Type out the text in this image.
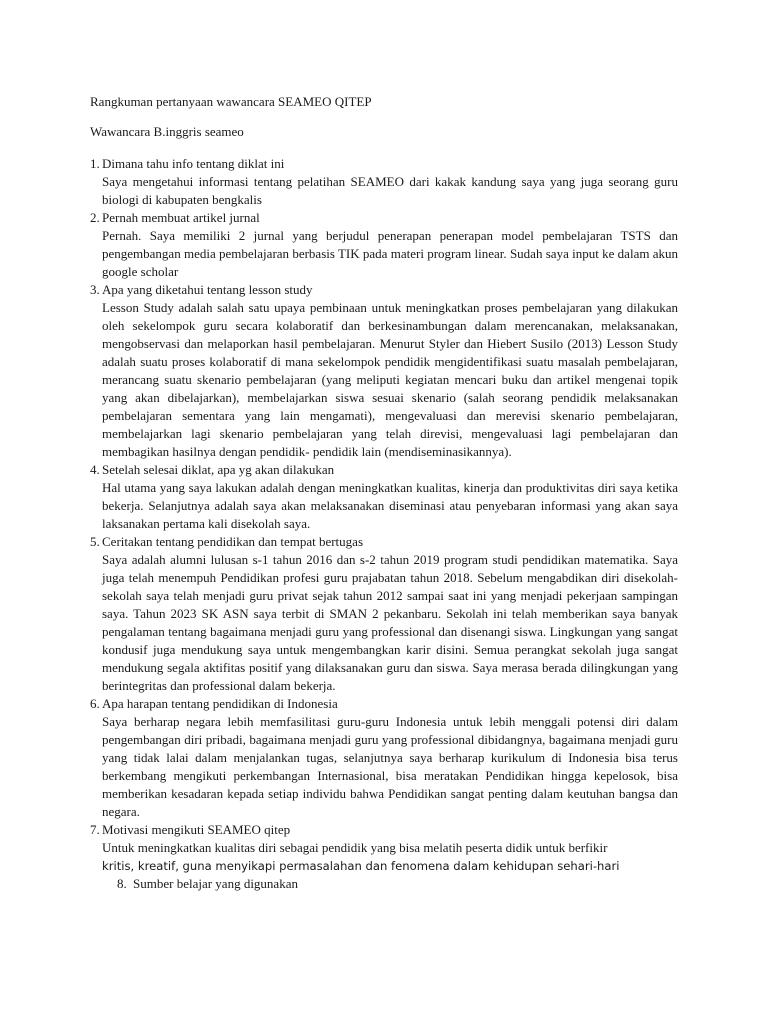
Rangkuman pertanyaan wawancara SEAMEO QITEP

Wawancara B.inggris seameo

1. Dimana tahu info tentang diklat ini

Saya mengetahui informasi tentang pelatihan SEAMEO dari kakak kandung saya yang juga seorang guru biologi di kabupaten bengkalis

2. Pernah membuat artikel jurnal

Pernah. Saya memiliki 2 jurnal yang berjudul penerapan penerapan model pembelajaran TSTS dan pengembangan media pembelajaran berbasis TIK pada materi program linear. Sudah saya input ke dalam akun google scholar

3. Apa yang diketahui tentang lesson study

Lesson Study adalah salah satu upaya pembinaan untuk meningkatkan proses pembelajaran yang dilakukan oleh sekelompok guru secara kolaboratif dan berkesinambungan dalam merencanakan, melaksanakan, mengobservasi dan melaporkan hasil pembelajaran. Menurut Styler dan Hiebert Susilo (2013) Lesson Study adalah suatu proses kolaboratif di mana sekelompok pendidik mengidentifikasi suatu masalah pembelajaran, merancang suatu skenario pembelajaran (yang meliputi kegiatan mencari buku dan artikel mengenai topik yang akan dibelajarkan), membelajarkan siswa sesuai skenario (salah seorang pendidik melaksanakan pembelajaran sementara yang lain mengamati), mengevaluasi dan merevisi skenario pembelajaran, membelajarkan lagi skenario pembelajaran yang telah direvisi, mengevaluasi lagi pembelajaran dan membagikan hasilnya dengan pendidik- pendidik lain (mendiseminasikannya).

4. Setelah selesai diklat, apa yg akan dilakukan

Hal utama yang saya lakukan adalah dengan meningkatkan kualitas, kinerja dan produktivitas diri saya ketika bekerja. Selanjutnya adalah saya akan melaksanakan diseminasi atau penyebaran informasi yang akan saya laksanakan pertama kali disekolah saya.

5. Ceritakan tentang pendidikan dan tempat bertugas

Saya adalah alumni lulusan s-1 tahun 2016 dan s-2 tahun 2019 program studi pendidikan matematika. Saya juga telah menempuh Pendidikan profesi guru prajabatan tahun 2018. Sebelum mengabdikan diri disekolah-sekolah saya telah menjadi guru privat sejak tahun 2012 sampai saat ini yang menjadi pekerjaan sampingan saya. Tahun 2023 SK ASN saya terbit di SMAN 2 pekanbaru. Sekolah ini telah memberikan saya banyak pengalaman tentang bagaimana menjadi guru yang professional dan disenangi siswa. Lingkungan yang sangat kondusif juga mendukung saya untuk mengembangkan karir disini. Semua perangkat sekolah juga sangat mendukung segala aktifitas positif yang dilaksanakan guru dan siswa. Saya merasa berada dilingkungan yang berintegritas dan professional dalam bekerja.

6. Apa harapan tentang pendidikan di Indonesia

Saya berharap negara lebih memfasilitasi guru-guru Indonesia untuk lebih menggali potensi diri dalam pengembangan diri pribadi, bagaimana menjadi guru yang professional dibidangnya, bagaimana menjadi guru yang tidak lalai dalam menjalankan tugas, selanjutnya saya berharap kurikulum di Indonesia bisa terus berkembang mengikuti perkembangan Internasional, bisa meratakan Pendidikan hingga kepelosok, bisa memberikan kesadaran kepada setiap individu bahwa Pendidikan sangat penting dalam keutuhan bangsa dan negara.

7. Motivasi mengikuti SEAMEO qitep

Untuk meningkatkan kualitas diri sebagai pendidik yang bisa melatih peserta didik untuk berfikir

kritis, kreatif, guna menyikapi permasalahan dan fenomena dalam kehidupan sehari-hari

8. Sumber belajar yang digunakan
